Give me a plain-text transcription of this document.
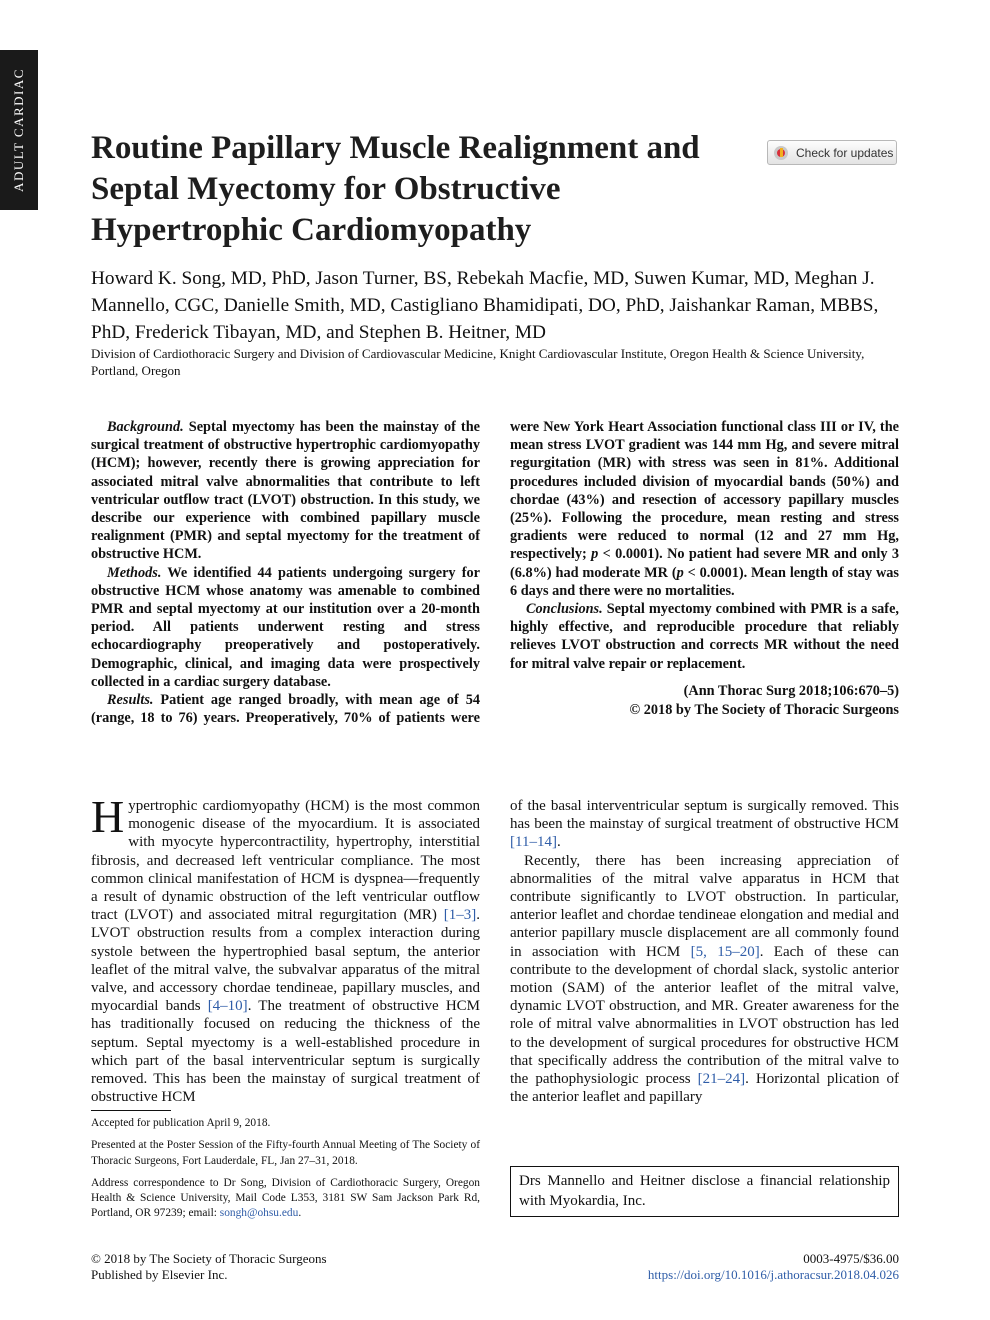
ADULT CARDIAC Routine Papillary Muscle Realignment and Septal Myectomy for Obstructive Hypertrophic Cardiomyopathy
Check for updates

Howard K. Song, MD, PhD, Jason Turner, BS, Rebekah Macfie, MD, Suwen Kumar, MD, Meghan J. Mannello, CGC, Danielle Smith, MD, Castigliano Bhamidipati, DO, PhD, Jaishankar Raman, MBBS, PhD, Frederick Tibayan, MD, and Stephen B. Heitner, MD

Division of Cardiothoracic Surgery and Division of Cardiovascular Medicine, Knight Cardiovascular Institute, Oregon Health & Science University, Portland, Oregon

Background. Septal myectomy has been the mainstay of the surgical treatment of obstructive hypertrophic cardiomyopathy (HCM); however, recently there is growing appreciation for associated mitral valve abnormalities that contribute to left ventricular outflow tract (LVOT) obstruction. In this study, we describe our experience with combined papillary muscle realignment (PMR) and septal myectomy for the treatment of obstructive HCM.

Methods. We identified 44 patients undergoing surgery for obstructive HCM whose anatomy was amenable to combined PMR and septal myectomy at our institution over a 20-month period. All patients underwent resting and stress echocardiography preoperatively and postoperatively. Demographic, clinical, and imaging data were prospectively collected in a cardiac surgery database.

Results. Patient age ranged broadly, with mean age of 54 (range, 18 to 76) years. Preoperatively, 70% of patients were

were New York Heart Association functional class III or IV, the mean stress LVOT gradient was 144 mm Hg, and severe mitral regurgitation (MR) with stress was seen in 81%. Additional procedures included division of myocardial bands (50%) and chordae (43%) and resection of accessory papillary muscles (25%). Following the procedure, mean resting and stress gradients were reduced to normal (12 and 27 mm Hg, respectively; p < 0.0001). No patient had severe MR and only 3 (6.8%) had moderate MR (p < 0.0001). Mean length of stay was 6 days and there were no mortalities.

Conclusions. Septal myectomy combined with PMR is a safe, highly effective, and reproducible procedure that reliably relieves LVOT obstruction and corrects MR without the need for mitral valve repair or replacement.

(Ann Thorac Surg 2018;106:670–5)
© 2018 by The Society of Thoracic Surgeons

Hypertrophic cardiomyopathy (HCM) is the most common monogenic disease of the myocardium. It is associated with myocyte hypercontractility, hypertrophy, interstitial fibrosis, and decreased left ventricular compliance. The most common clinical manifestation of HCM is dyspnea—frequently a result of dynamic obstruction of the left ventricular outflow tract (LVOT) and associated mitral regurgitation (MR) [1–3]. LVOT obstruction results from a complex interaction during systole between the hypertrophied basal septum, the anterior leaflet of the mitral valve, the subvalvar apparatus of the mitral valve, and accessory chordae tendineae, papillary muscles, and myocardial bands [4–10]. The treatment of obstructive HCM has traditionally focused on reducing the thickness of the septum. Septal myectomy is a well-established procedure in which part of the basal interventricular septum is surgically removed. This has been the mainstay of surgical treatment of obstructive HCM

of the basal interventricular septum is surgically removed. This has been the mainstay of surgical treatment of obstructive HCM [11–14].

Recently, there has been increasing appreciation of abnormalities of the mitral valve apparatus in HCM that contribute significantly to LVOT obstruction. In particular, anterior leaflet and chordae tendineae elongation and medial and anterior papillary muscle displacement are all commonly found in association with HCM [5, 15–20]. Each of these can contribute to the development of chordal slack, systolic anterior motion (SAM) of the anterior leaflet of the mitral valve, dynamic LVOT obstruction, and MR. Greater awareness for the role of mitral valve abnormalities in LVOT obstruction has led to the development of surgical procedures for obstructive HCM that specifically address the contribution of the mitral valve to the pathophysiologic process [21–24]. Horizontal plication of the anterior leaflet and papillary

Accepted for publication April 9, 2018.

Presented at the Poster Session of the Fifty-fourth Annual Meeting of The Society of Thoracic Surgeons, Fort Lauderdale, FL, Jan 27–31, 2018.

Address correspondence to Dr Song, Division of Cardiothoracic Surgery, Oregon Health & Science University, Mail Code L353, 3181 SW Sam Jackson Park Rd, Portland, OR 97239; email: songh@ohsu.edu.

Drs Mannello and Heitner disclose a financial relationship with Myokardia, Inc.
© 2018 by The Society of Thoracic Surgeons
Published by Elsevier Inc.
0003-4975/$36.00
https://doi.org/10.1016/j.athoracsur.2018.04.026
